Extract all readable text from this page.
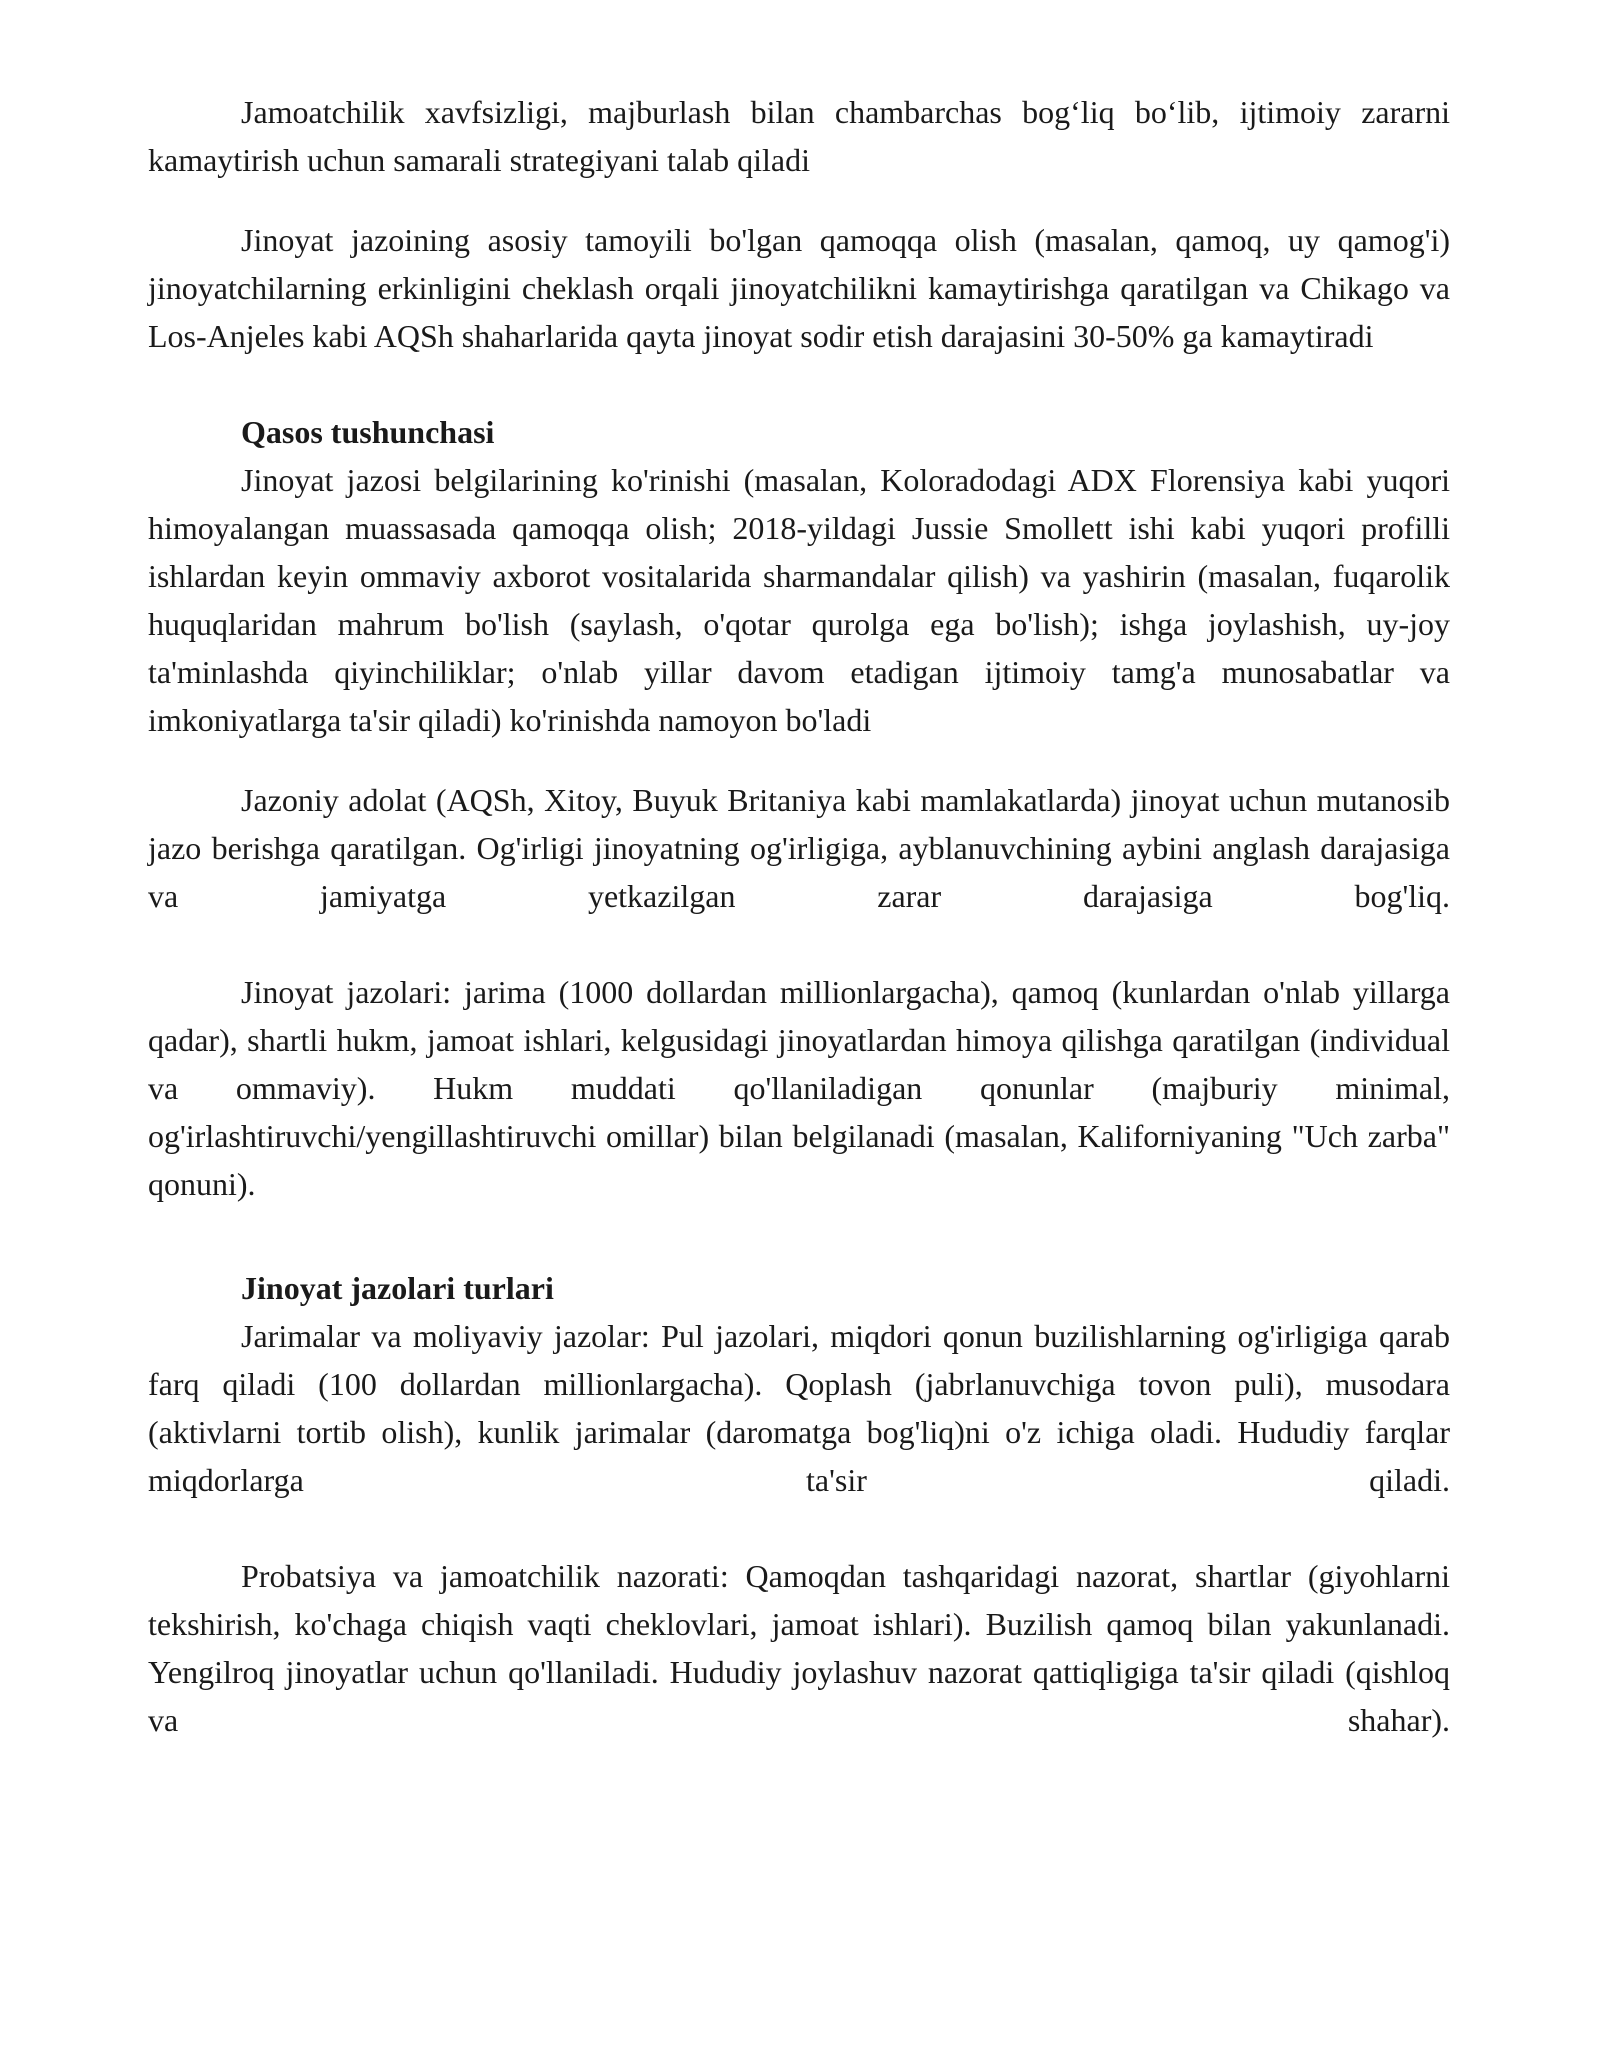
Jamoatchilik xavfsizligi, majburlash bilan chambarchas bog‘liq bo‘lib, ijtimoiy zararni kamaytirish uchun samarali strategiyani talab qiladi

Jinoyat jazoining asosiy tamoyili bo'lgan qamoqqa olish (masalan, qamoq, uy qamog'i) jinoyatchilarning erkinligini cheklash orqali jinoyatchilikni kamaytirishga qaratilgan va Chikago va Los-Anjeles kabi AQSh shaharlarida qayta jinoyat sodir etish darajasini 30-50% ga kamaytiradi

Qasos tushunchasi

Jinoyat jazosi belgilarining ko'rinishi (masalan, Koloradodagi ADX Florensiya kabi yuqori himoyalangan muassasada qamoqqa olish; 2018-yildagi Jussie Smollett ishi kabi yuqori profilli ishlardan keyin ommaviy axborot vositalarida sharmandalar qilish) va yashirin (masalan, fuqarolik huquqlaridan mahrum bo'lish (saylash, o'qotar qurolga ega bo'lish); ishga joylashish, uy-joy ta'minlashda qiyinchiliklar; o'nlab yillar davom etadigan ijtimoiy tamg'a munosabatlar va imkoniyatlarga ta'sir qiladi) ko'rinishda namoyon bo'ladi

Jazoniy adolat (AQSh, Xitoy, Buyuk Britaniya kabi mamlakatlarda) jinoyat uchun mutanosib jazo berishga qaratilgan. Og'irligi jinoyatning og'irligiga, ayblanuvchining aybini anglash darajasiga va jamiyatga yetkazilgan zarar darajasiga bog'liq.

Jinoyat jazolari: jarima (1000 dollardan millionlargacha), qamoq (kunlardan o'nlab yillarga qadar), shartli hukm, jamoat ishlari, kelgusidagi jinoyatlardan himoya qilishga qaratilgan (individual va ommaviy). Hukm muddati qo'llaniladigan qonunlar (majburiy minimal, og'irlashtiruvchi/yengillashtiruvchi omillar) bilan belgilanadi (masalan, Kaliforniyaning "Uch zarba" qonuni).

Jinoyat jazolari turlari

Jarimalar va moliyaviy jazolar: Pul jazolari, miqdori qonun buzilishlarning og'irligiga qarab farq qiladi (100 dollardan millionlargacha). Qoplash (jabrlanuvchiga tovon puli), musodara (aktivlarni tortib olish), kunlik jarimalar (daromatga bog'liq)ni o'z ichiga oladi. Hududiy farqlar miqdorlarga ta'sir qiladi.

Probatsiya va jamoatchilik nazorati: Qamoqdan tashqaridagi nazorat, shartlar (giyohlarni tekshirish, ko'chaga chiqish vaqti cheklovlari, jamoat ishlari). Buzilish qamoq bilan yakunlanadi. Yengilroq jinoyatlar uchun qo'llaniladi. Hududiy joylashuv nazorat qattiqligiga ta'sir qiladi (qishloq va shahar).
